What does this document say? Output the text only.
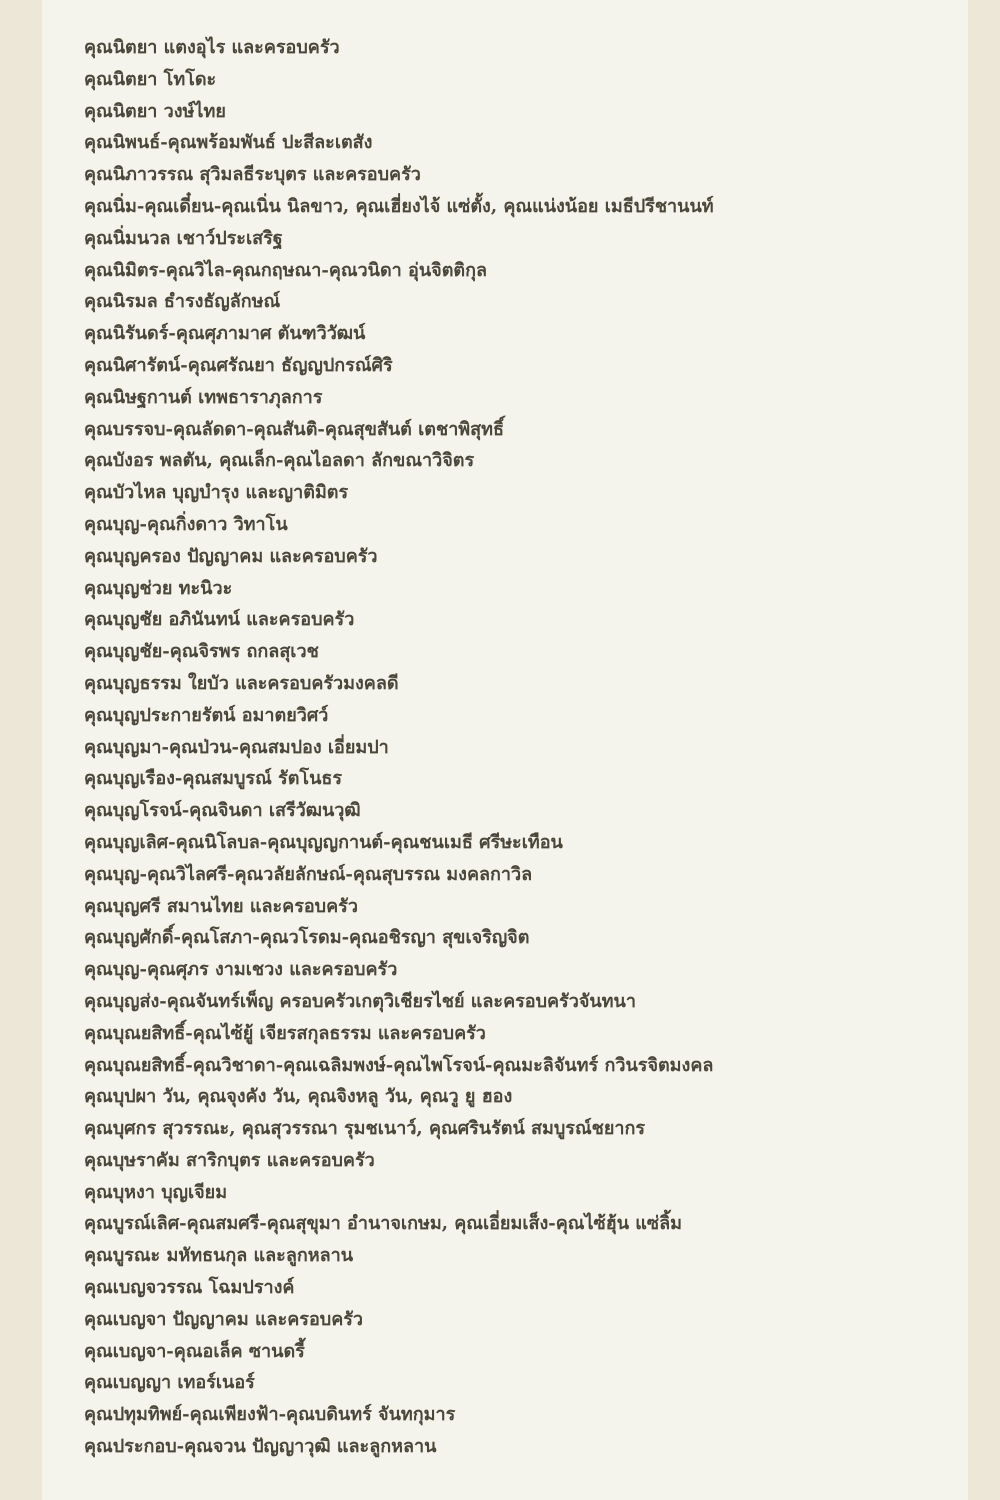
คุณนิตยา แตงอุไร และครอบครัว
คุณนิตยา โทโดะ
คุณนิตยา วงษ์ไทย
คุณนิพนธ์-คุณพร้อมพันธ์ ปะสีละเตสัง
คุณนิภาวรรณ สุวิมลธีระบุตร และครอบครัว
คุณนิ่ม-คุณเดี๋ยน-คุณเนิ่น นิลขาว, คุณเฮี่ยงไจ้ แซ่ตั้ง, คุณแน่งน้อย เมธีปรีชานนท์
คุณนิ่มนวล เชาว์ประเสริฐ
คุณนิมิตร-คุณวิไล-คุณกฤษณา-คุณวนิดา อุ่นจิตติกุล
คุณนิรมล ธำรงธัญลักษณ์
คุณนิรันดร์-คุณศุภามาศ ตันฑวิวัฒน์
คุณนิศารัตน์-คุณศรัณยา ธัญญปกรณ์ศิริ
คุณนิษฐกานต์ เทพธาราภุลการ
คุณบรรจบ-คุณลัดดา-คุณสันติ-คุณสุขสันต์ เตชาพิสุทธิ์
คุณบังอร พลตัน, คุณเล็ก-คุณไอลดา ลักขณาวิจิตร
คุณบัวไหล บุญบำรุง และญาติมิตร
คุณบุญ-คุณกิ่งดาว วิทาโน
คุณบุญครอง ปัญญาคม และครอบครัว
คุณบุญช่วย ทะนิวะ
คุณบุญชัย อภินันทน์ และครอบครัว
คุณบุญชัย-คุณจิรพร ถกลสุเวช
คุณบุญธรรม ใยบัว และครอบครัวมงคลดี
คุณบุญประกายรัตน์ อมาตยวิศว์
คุณบุญมา-คุณป่วน-คุณสมปอง เอี่ยมปา
คุณบุญเรือง-คุณสมบูรณ์ รัตโนธร
คุณบุญโรจน์-คุณจินดา เสรีวัฒนวุฒิ
คุณบุญเลิศ-คุณนิโลบล-คุณบุญญกานต์-คุณชนเมธี ศรีษะเทือน
คุณบุญ-คุณวิไลศรี-คุณวลัยลักษณ์-คุณสุบรรณ มงคลกาวิล
คุณบุญศรี สมานไทย และครอบครัว
คุณบุญศักดิ์-คุณโสภา-คุณวโรดม-คุณอชิรญา สุขเจริญจิต
คุณบุญ-คุณศุภร งามเชวง และครอบครัว
คุณบุญส่ง-คุณจันทร์เพ็ญ ครอบครัวเกตุวิเชียรไชย์ และครอบครัวจันทนา
คุณบุณยสิทธิ์-คุณไซ้ยู้ เจียรสกุลธรรม และครอบครัว
คุณบุณยสิทธิ์-คุณวิชาดา-คุณเฉลิมพงษ์-คุณไพโรจน์-คุณมะลิจันทร์ กวินรจิตมงคล
คุณบุปผา วัน, คุณจุงคัง วัน, คุณจิงหลู วัน, คุณวู ยู ฮอง
คุณบุศกร สุวรรณะ, คุณสุวรรณา รุมชเนาว์, คุณศรินรัตน์ สมบูรณ์ชยากร
คุณบุษราคัม สาริกบุตร และครอบครัว
คุณบุหงา บุญเจียม
คุณบูรณ์เลิศ-คุณสมศรี-คุณสุขุมา อำนาจเกษม, คุณเอี่ยมเส็ง-คุณไซ้ฮุ้น แซ่ลิ้ม
คุณบูรณะ มหัทธนกุล และลูกหลาน
คุณเบญจวรรณ โฉมปรางค์
คุณเบญจา ปัญญาคม และครอบครัว
คุณเบญจา-คุณอเล็ค ซานดรี้
คุณเบญญา เทอร์เนอร์
คุณปทุมทิพย์-คุณเพียงฟ้า-คุณบดินทร์ จันทกุมาร
คุณประกอบ-คุณจวน ปัญญาวุฒิ และลูกหลาน
